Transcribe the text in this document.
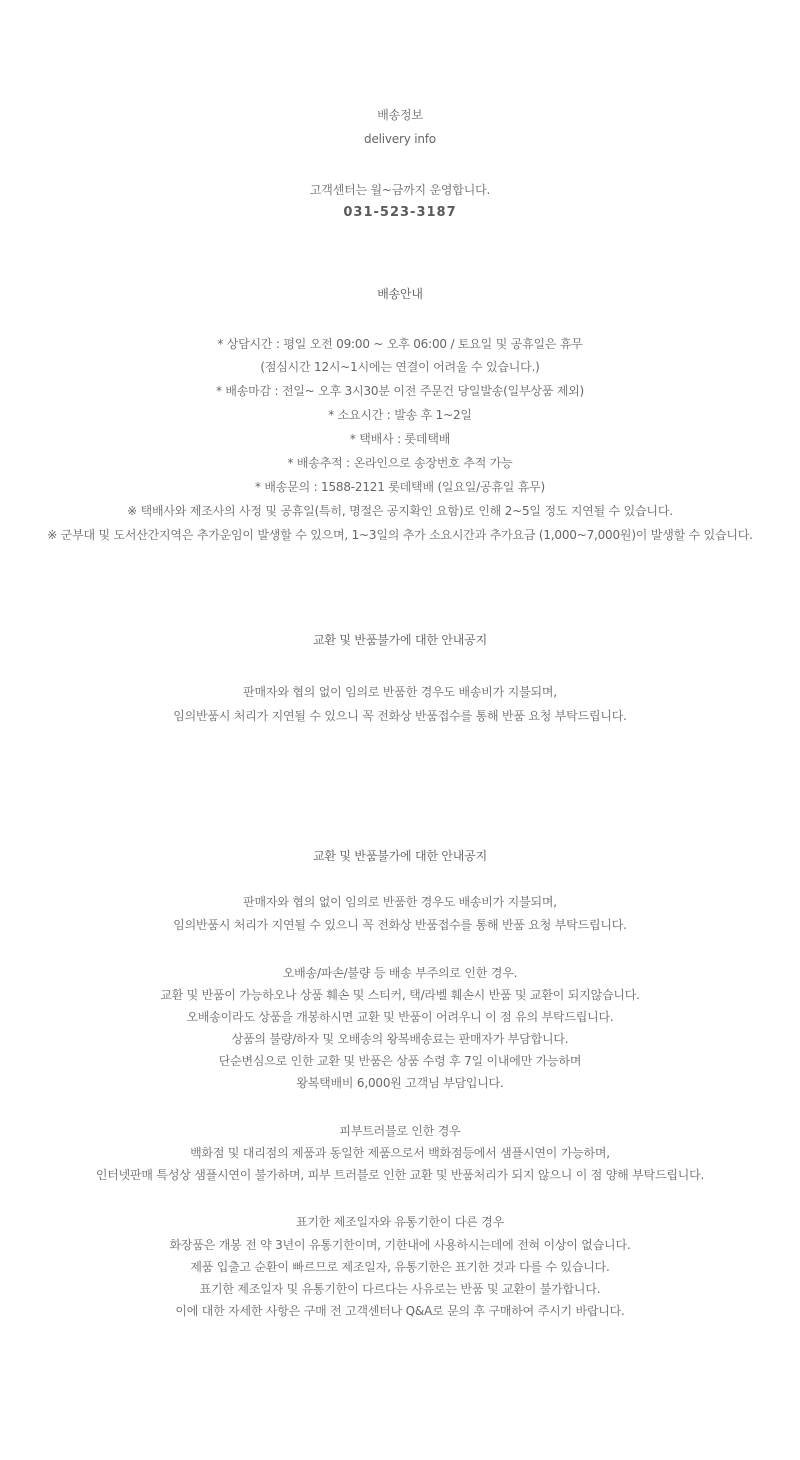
배송정보
delivery info
고객센터는 월~금까지 운영합니다.
031-523-3187
배송안내
* 상담시간 : 평일 오전 09:00 ~ 오후 06:00 / 토요일 및 공휴일은 휴무
(점심시간 12시~1시에는 연결이 어려울 수 있습니다.)
* 배송마감 : 전일~ 오후 3시30분 이전 주문건 당일발송(일부상품 제외)
* 소요시간 : 발송 후 1~2일
* 택배사 : 롯데택배
* 배송추적 : 온라인으로 송장번호 추적 가능
* 배송문의 : 1588-2121 롯데택배 (일요일/공휴일 휴무)
※ 택배사와 제조사의 사정 및 공휴일(특히, 명절은 공지확인 요함)로 인해 2~5일 정도 지연될 수 있습니다.
※ 군부대 및 도서산간지역은 추가운임이 발생할 수 있으며, 1~3일의 추가 소요시간과 추가요금 (1,000~7,000원)이 발생할 수 있습니다.
교환 및 반품불가에 대한 안내공지
판매자와 협의 없이 임의로 반품한 경우도 배송비가 지불되며,
임의반품시 처리가 지연될 수 있으니 꼭 전화상 반품접수를 통해 반품 요청 부탁드립니다.
교환 및 반품불가에 대한 안내공지
판매자와 협의 없이 임의로 반품한 경우도 배송비가 지불되며,
임의반품시 처리가 지연될 수 있으니 꼭 전화상 반품접수를 통해 반품 요청 부탁드립니다.
오배송/파손/불량 등 배송 부주의로 인한 경우.
교환 및 반품이 가능하오나 상품 훼손 및 스티커, 택/라벨 훼손시 반품 및 교환이 되지않습니다.
오배송이라도 상품을 개봉하시면 교환 및 반품이 어려우니 이 점 유의 부탁드립니다.
상품의 불량/하자 및 오배송의 왕복배송료는 판매자가 부담합니다.
단순변심으로 인한 교환 및 반품은 상품 수령 후 7일 이내에만 가능하며
왕복택배비 6,000원 고객님 부담입니다.
피부트러블로 인한 경우
백화점 및 대리점의 제품과 동일한 제품으로서 백화점등에서 샘플시연이 가능하며,
인터넷판매 특성상 샘플시연이 불가하며, 피부 트러블로 인한 교환 및 반품처리가 되지 않으니 이 점 양해 부탁드립니다.
표기한 제조일자와 유통기한이 다른 경우
화장품은 개봉 전 약 3년이 유통기한이며, 기한내에 사용하시는데에 전혀 이상이 없습니다.
제품 입출고 순환이 빠르므로 제조일자, 유통기한은 표기한 것과 다를 수 있습니다.
표기한 제조일자 및 유통기한이 다르다는 사유로는 반품 및 교환이 불가합니다.
이에 대한 자세한 사항은 구매 전 고객센터나 Q&A로 문의 후 구매하여 주시기 바랍니다.
